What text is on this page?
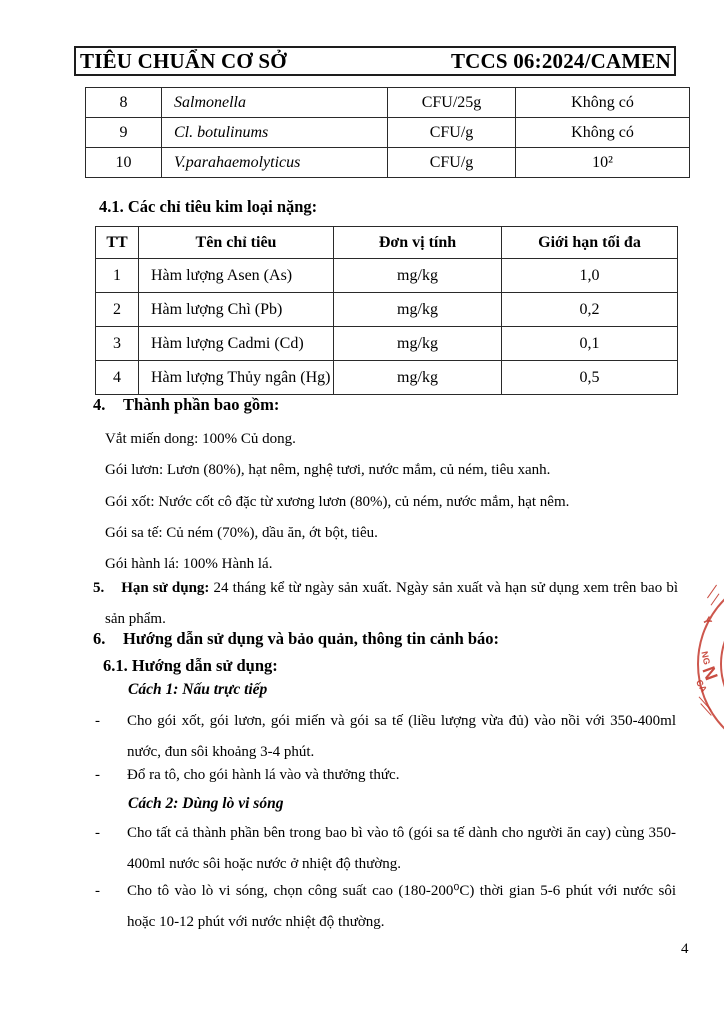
TIÊU CHUẨN CƠ SỞ	TCCS 06:2024/CAMEN
8	Salmonella	CFU/25g	Không có
9	Cl. botulinums	CFU/g	Không có
10	V.parahaemolyticus	CFU/g	10²
4.1. Các chỉ tiêu kim loại nặng:
TT	Tên chỉ tiêu	Đơn vị tính	Giới hạn tối đa
1	Hàm lượng Asen (As)	mg/kg	1,0
2	Hàm lượng Chì (Pb)	mg/kg	0,2
3	Hàm lượng Cadmi (Cd)	mg/kg	0,1
4	Hàm lượng Thủy ngân (Hg)	mg/kg	0,5
4. Thành phần bao gồm:
Vắt miến dong: 100% Củ dong.
Gói lươn: Lươn (80%), hạt nêm, nghệ tươi, nước mắm, củ ném, tiêu xanh.
Gói xốt: Nước cốt cô đặc từ xương lươn (80%), củ ném, nước mắm, hạt nêm.
Gói sa tế: Củ ném (70%), dầu ăn, ớt bột, tiêu.
Gói hành lá: 100% Hành lá.
5. Hạn sử dụng: 24 tháng kể từ ngày sản xuất. Ngày sản xuất và hạn sử dụng xem trên bao bì sản phẩm.
6. Hướng dẫn sử dụng và bảo quản, thông tin cảnh báo:
6.1. Hướng dẫn sử dụng:
Cách 1: Nấu trực tiếp
-	Cho gói xốt, gói lươn, gói miến và gói sa tế (liều lượng vừa đủ) vào nồi với 350-400ml nước, đun sôi khoảng 3-4 phút.
-	Đổ ra tô, cho gói hành lá vào và thưởng thức.
Cách 2: Dùng lò vi sóng
-	Cho tất cả thành phần bên trong bao bì vào tô (gói sa tế dành cho người ăn cay) cùng 350-400ml nước sôi hoặc nước ở nhiệt độ thường.
-	Cho tô vào lò vi sóng, chọn công suất cao (180-200⁰C) thời gian 5-6 phút với nước sôi hoặc 10-12 phút với nước nhiệt độ thường.
4
Y
NG
N
CA
